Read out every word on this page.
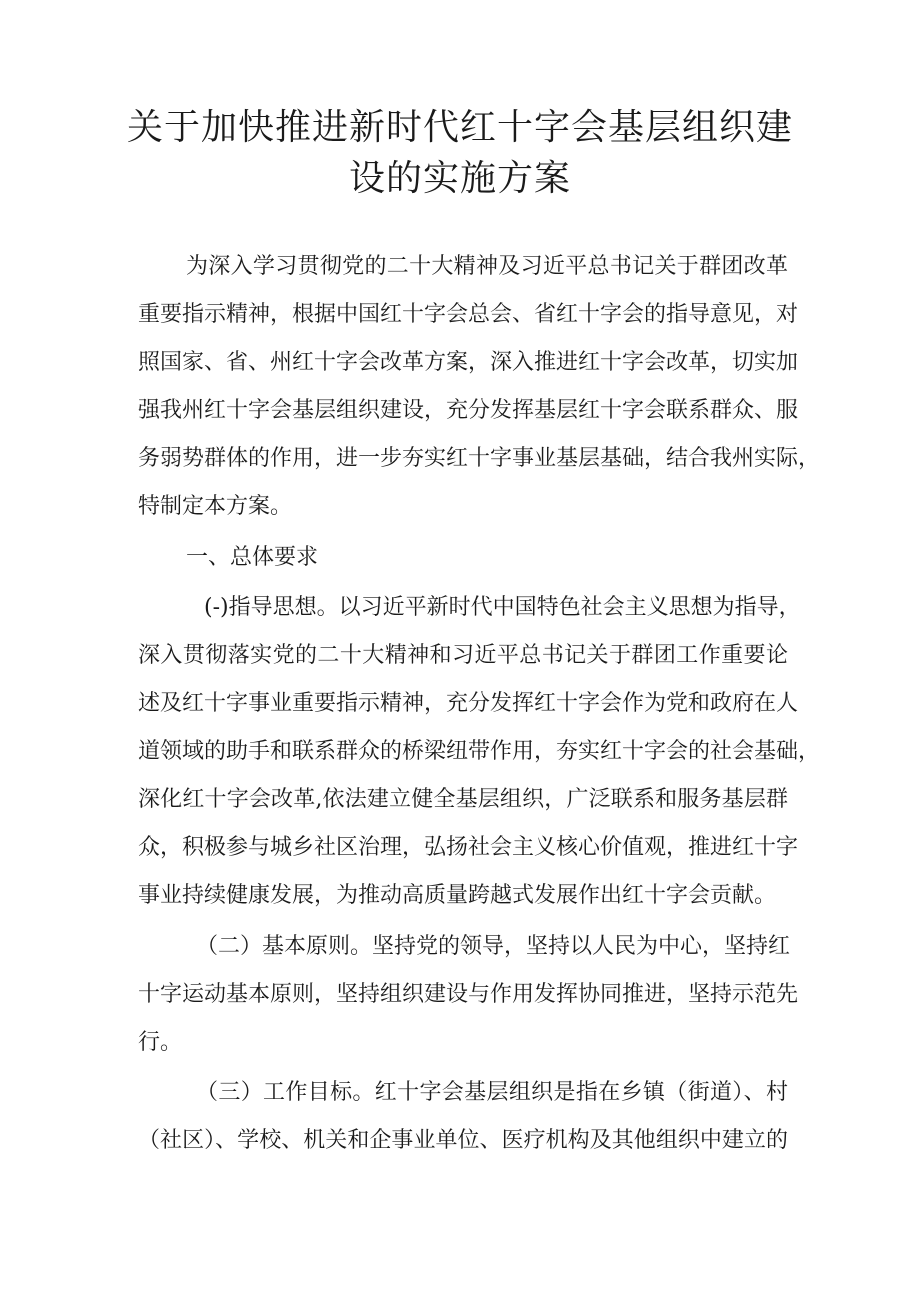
关于加快推进新时代红十字会基层组织建
设的实施方案

为深入学习贯彻党的二十大精神及习近平总书记关于群团改革

重要指示精神，根据中国红十字会总会、省红十字会的指导意见，对

照国家、省、州红十字会改革方案，深入推进红十字会改革，切实加

强我州红十字会基层组织建设，充分发挥基层红十字会联系群众、服

务弱势群体的作用，进一步夯实红十字事业基层基础，结合我州实际，

特制定本方案。

一、总体要求

(-)指导思想。以习近平新时代中国特色社会主义思想为指导，

深入贯彻落实党的二十大精神和习近平总书记关于群团工作重要论

述及红十字事业重要指示精神，充分发挥红十字会作为党和政府在人

道领域的助手和联系群众的桥梁纽带作用，夯实红十字会的社会基础，

深化红十字会改革,依法建立健全基层组织，广泛联系和服务基层群

众，积极参与城乡社区治理，弘扬社会主义核心价值观，推进红十字

事业持续健康发展，为推动高质量跨越式发展作出红十字会贡献。

（二）基本原则。坚持党的领导，坚持以人民为中心，坚持红

十字运动基本原则，坚持组织建设与作用发挥协同推进，坚持示范先

行。

（三）工作目标。红十字会基层组织是指在乡镇（街道）、村

（社区）、学校、机关和企事业单位、医疗机构及其他组织中建立的
